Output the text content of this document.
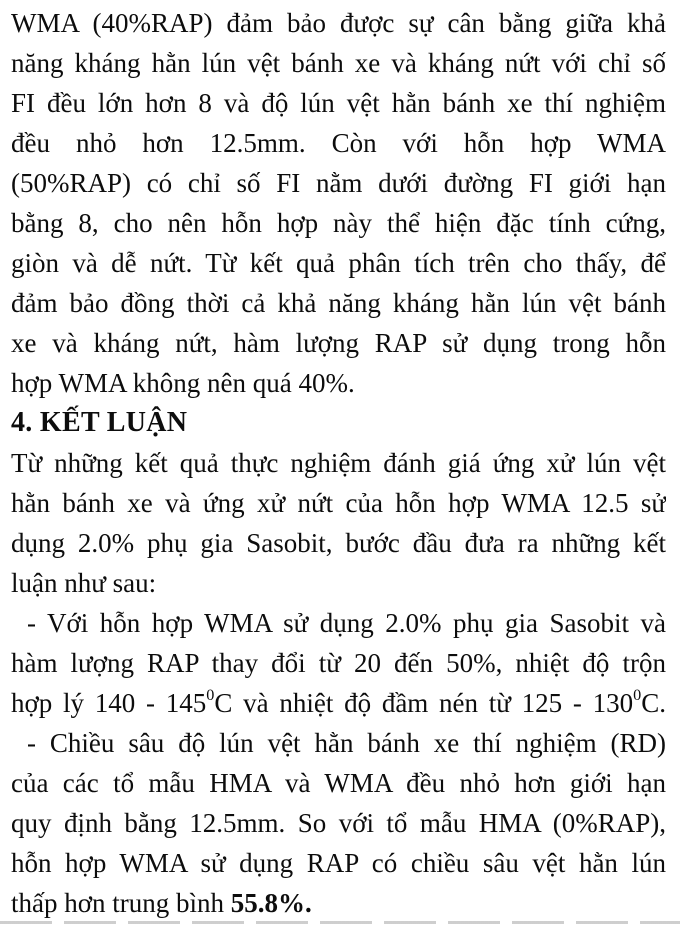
WMA (40%RAP) đảm bảo được sự cân bằng giữa khả
năng kháng hằn lún vệt bánh xe và kháng nứt với chỉ số
FI đều lớn hơn 8 và độ lún vệt hằn bánh xe thí nghiệm
đều nhỏ hơn 12.5mm. Còn với hỗn hợp WMA
(50%RAP) có chỉ số FI nằm dưới đường FI giới hạn
bằng 8, cho nên hỗn hợp này thể hiện đặc tính cứng,
giòn và dễ nứt. Từ kết quả phân tích trên cho thấy, để
đảm bảo đồng thời cả khả năng kháng hằn lún vệt bánh
xe và kháng nứt, hàm lượng RAP sử dụng trong hỗn
hợp WMA không nên quá 40%.
4. KẾT LUẬN
Từ những kết quả thực nghiệm đánh giá ứng xử lún vệt
hằn bánh xe và ứng xử nứt của hỗn hợp WMA 12.5 sử
dụng 2.0% phụ gia Sasobit, bước đầu đưa ra những kết
luận như sau:
- Với hỗn hợp WMA sử dụng 2.0% phụ gia Sasobit và
hàm lượng RAP thay đổi từ 20 đến 50%, nhiệt độ trộn
hợp lý $140 - 145^0C$ và nhiệt độ đầm nén từ $125 - 130^0C$.
- Chiều sâu độ lún vệt hằn bánh xe thí nghiệm (RD)
của các tổ mẫu HMA và WMA đều nhỏ hơn giới hạn
quy định bằng 12.5mm. So với tổ mẫu HMA (0%RAP),
hỗn hợp WMA sử dụng RAP có chiều sâu vệt hằn lún
thấp hơn trung bình 55.8%.
